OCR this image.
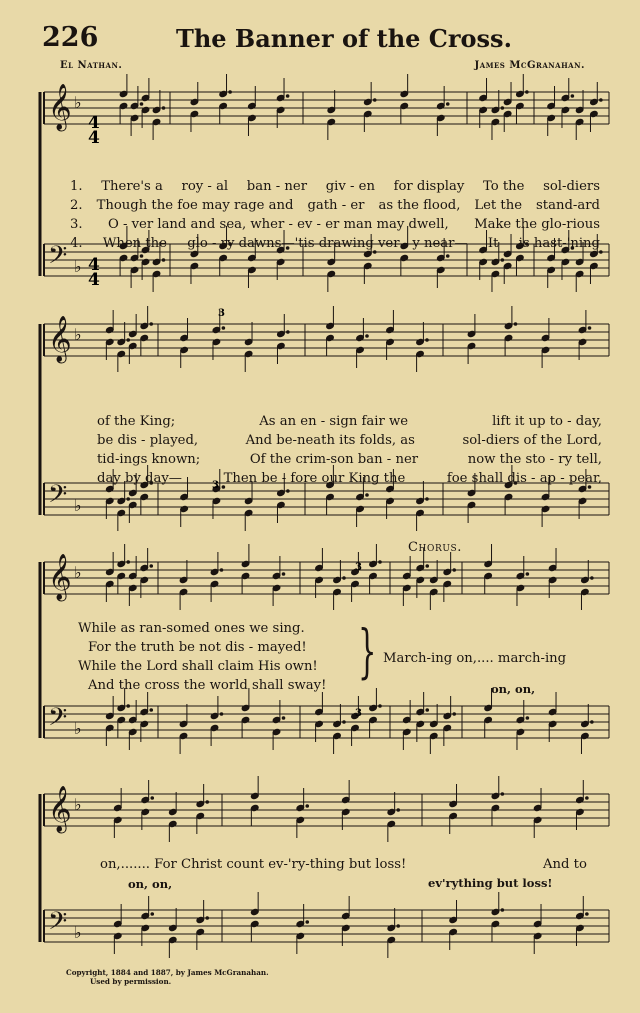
226	The Banner of the Cross.
El Nathan.	James McGranahan.
𝄞 ♭
𝄢 ♭
𝄞 ♭
𝄢 ♭
𝄞 ♭
𝄢 ♭
𝄞 ♭
𝄢 ♭
4
4
4
4
3
3
3
3

1. There's a roy - al ban - ner giv - en for display To the sol-diers

2. Though the foe may rage and gath - er as the flood, Let the stand-ard

3. O - ver land and sea, wher - ev - er man may dwell, Make the glo-rious

4. When the glo - ry dawns—'tis drawing ver - y near— It is hast-'ning

of the King;	As an en - sign fair we	lift it up to - day,

be dis - played,	And be-neath its folds, as	sol-diers of the Lord,

tid-ings known;	Of the crim-son ban - ner	now the sto - ry tell,

day by day—	Then be - fore our King the	foe shall dis - ap - pear,

Chorus.
While as ran-somed ones we sing.
For the truth be not dis - mayed!
While the Lord shall claim His own!
And the cross the world shall sway!
} March-ing on,.... march-ing
on, on,
on,....... For Christ count ev-'ry-thing but loss!	And to
on, on,	ev'rything but loss!
Copyright, 1884 and 1887, by James McGranahan.
Used by permission.
